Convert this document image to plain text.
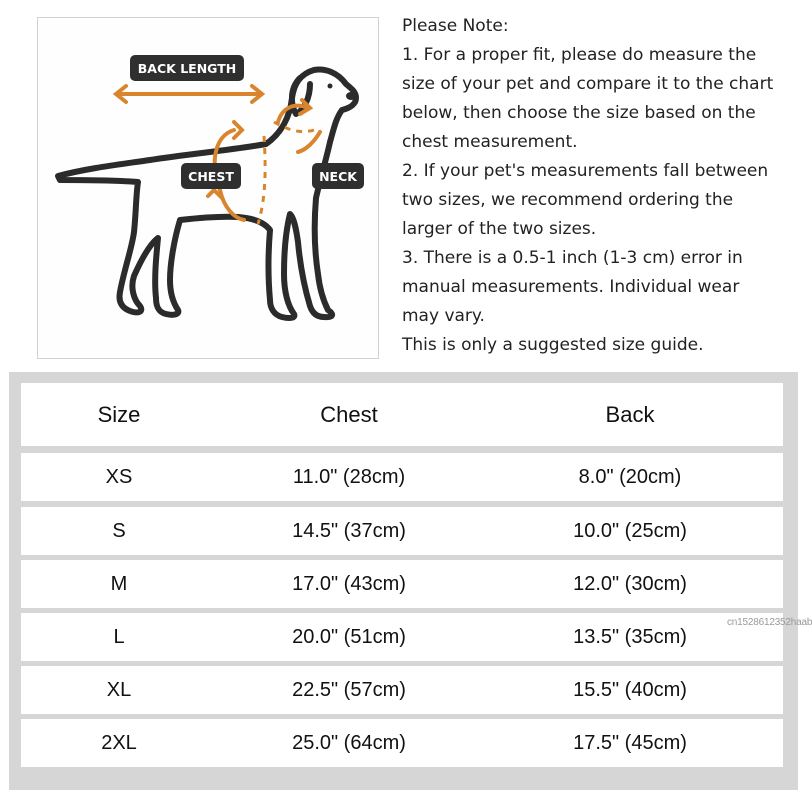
BACK LENGTH
CHEST	NECK
Please Note:
1. For a proper fit, please do measure the
size of your pet and compare it to the chart
below, then choose the size based on the
chest measurement.
2. If your pet's measurements fall between
two sizes, we recommend ordering the
larger of the two sizes.
3. There is a 0.5-1 inch (1-3 cm) error in
manual measurements. Individual wear
may vary.
This is only a suggested size guide.
Size	Chest	Back
XS	11.0" (28cm)	8.0" (20cm)
S	14.5" (37cm)	10.0" (25cm)
M	17.0" (43cm)	12.0" (30cm)
L	20.0" (51cm)	13.5" (35cm)
XL	22.5" (57cm)	15.5" (40cm)
2XL	25.0" (64cm)	17.5" (45cm)
cn1528612352haab
